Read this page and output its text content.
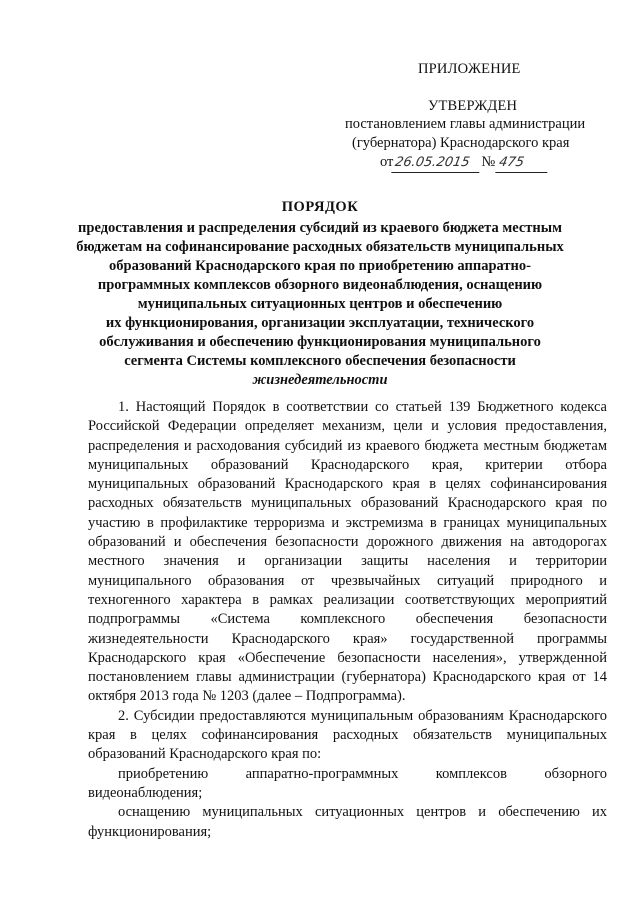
ПРИЛОЖЕНИЕ
УТВЕРЖДЕН
постановлением главы администрации
(губернатора) Краснодарского края
от26.05.2015 № 475
ПОРЯДОК
предоставления и распределения субсидий из краевого бюджета местным
бюджетам на софинансирование расходных обязательств муниципальных
образований Краснодарского края по приобретению аппаратно-
программных комплексов обзорного видеонаблюдения, оснащению
муниципальных ситуационных центров и обеспечению
их функционирования, организации эксплуатации, технического
обслуживания и обеспечению функционирования муниципального
сегмента Системы комплексного обеспечения безопасности
жизнедеятельности

1. Настоящий Порядок в соответствии со статьей 139 Бюджетного кодекса Российской Федерации определяет механизм, цели и условия предоставления, распределения и расходования субсидий из краевого бюджета местным бюджетам муниципальных образований Краснодарского края, критерии отбора муниципальных образований Краснодарского края в целях софинансирования расходных обязательств муниципальных образований Краснодарского края по участию в профилактике терроризма и экстремизма в границах муниципальных образований и обеспечения безопасности дорожного движения на автодорогах местного значения и организации защиты населения и территории муниципального образования от чрезвычайных ситуаций природного и техногенного характера в рамках реализации соответствующих мероприятий подпрограммы «Система комплексного обеспечения безопасности жизнедеятельности Краснодарского края» государственной программы Краснодарского края «Обеспечение безопасности населения», утвержденной постановлением главы администрации (губернатора) Краснодарского края от 14 октября 2013 года № 1203 (далее – Подпрограмма).

2. Субсидии предоставляются муниципальным образованиям Краснодарского края в целях софинансирования расходных обязательств муниципальных образований Краснодарского края по:

приобретению аппаратно-программных комплексов обзорного видеонаблюдения;

оснащению муниципальных ситуационных центров и обеспечению их функционирования;
